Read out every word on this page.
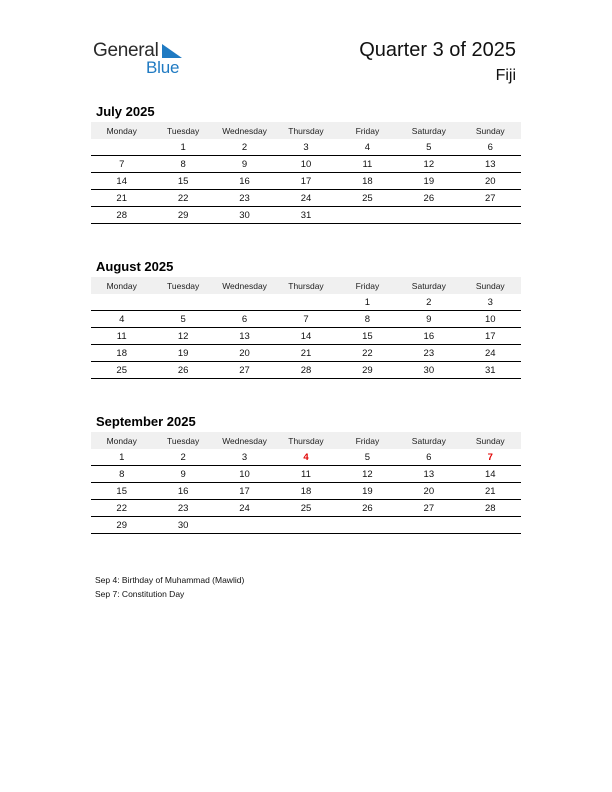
General
Blue
Quarter 3 of 2025
Fiji
July 2025
Monday	Tuesday	Wednesday	Thursday	Friday	Saturday	Sunday
	1	2	3	4	5	6
7	8	9	10	11	12	13
14	15	16	17	18	19	20
21	22	23	24	25	26	27
28	29	30	31			
August 2025
Monday	Tuesday	Wednesday	Thursday	Friday	Saturday	Sunday
				1	2	3
4	5	6	7	8	9	10
11	12	13	14	15	16	17
18	19	20	21	22	23	24
25	26	27	28	29	30	31
September 2025
Monday	Tuesday	Wednesday	Thursday	Friday	Saturday	Sunday
1	2	3	4	5	6	7
8	9	10	11	12	13	14
15	16	17	18	19	20	21
22	23	24	25	26	27	28
29	30					
Sep 4: Birthday of Muhammad (Mawlid)
Sep 7: Constitution Day
